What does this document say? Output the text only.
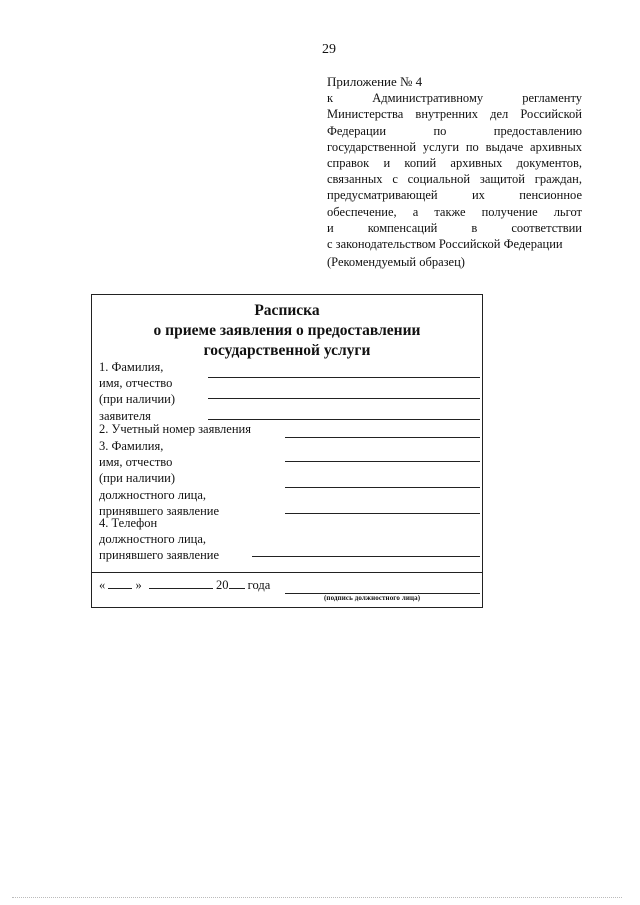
29
Приложение № 4
к Административному регламенту
Министерства внутренних дел Российской
Федерации по предоставлению
государственной услуги по выдаче архивных
справок и копий архивных документов,
связанных с социальной защитой граждан,
предусматривающей их пенсионное
обеспечение, а также получение льгот
и компенсаций в соответствии
с законодательством Российской Федерации
(Рекомендуемый образец)
Расписка
о приеме заявления о предоставлении
государственной услуги
1. Фамилия,
имя, отчество
(при наличии)
заявителя
2. Учетный номер заявления
3. Фамилия,
имя, отчество
(при наличии)
должностного лица,
принявшего заявление
4. Телефон
должностного лица,
принявшего заявление
« »	20 года
(подпись должностного лица)
